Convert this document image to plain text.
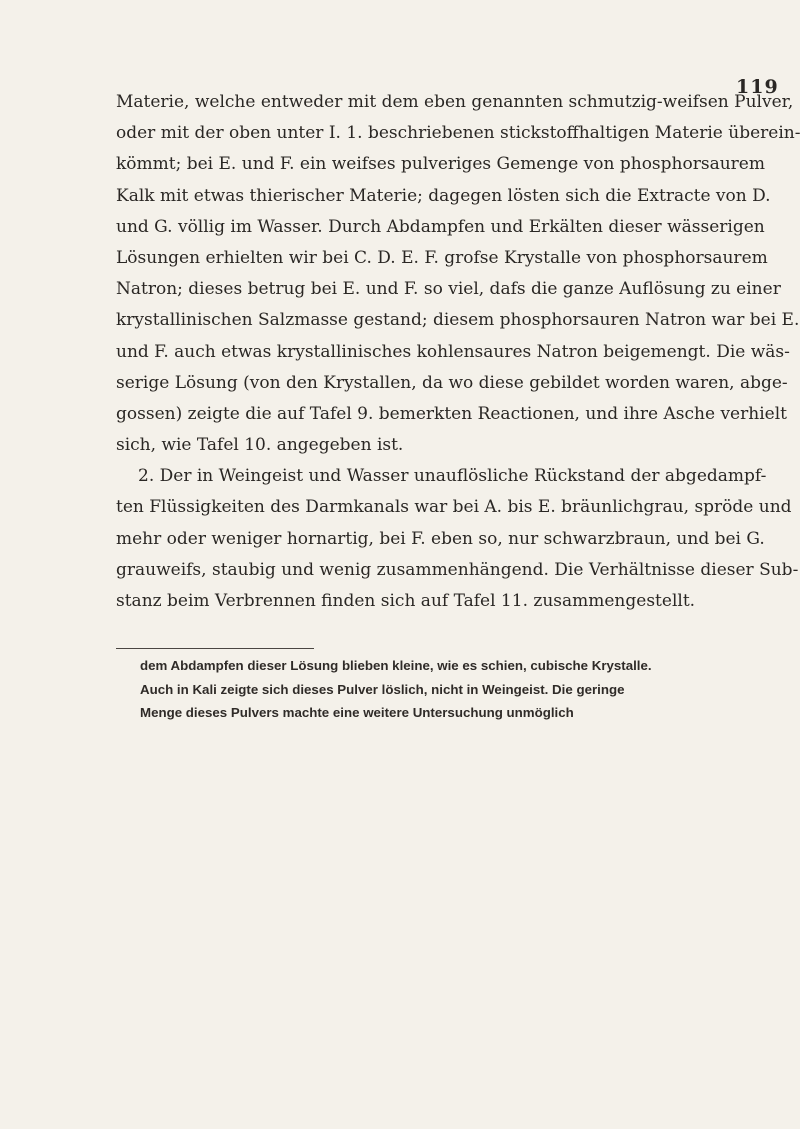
119
Materie, welche entweder mit dem eben genannten schmutzig-weifsen Pulver,
oder mit der oben unter I. 1. beschriebenen stickstoffhaltigen Materie überein-
kömmt; bei E. und F. ein weifses pulveriges Gemenge von phosphorsaurem
Kalk mit etwas thierischer Materie; dagegen lösten sich die Extracte von D.
und G. völlig im Wasser. Durch Abdampfen und Erkälten dieser wässerigen
Lösungen erhielten wir bei C. D. E. F. grofse Krystalle von phosphorsaurem
Natron; dieses betrug bei E. und F. so viel, dafs die ganze Auflösung zu einer
krystallinischen Salzmasse gestand; diesem phosphorsauren Natron war bei E.
und F. auch etwas krystallinisches kohlensaures Natron beigemengt. Die wäs-
serige Lösung (von den Krystallen, da wo diese gebildet worden waren, abge-
gossen) zeigte die auf Tafel 9. bemerkten Reactionen, und ihre Asche verhielt
sich, wie Tafel 10. angegeben ist.
2. Der in Weingeist und Wasser unauflösliche Rückstand der abgedampf-
ten Flüssigkeiten des Darmkanals war bei A. bis E. bräunlichgrau, spröde und
mehr oder weniger hornartig, bei F. eben so, nur schwarzbraun, und bei G.
grauweifs, staubig und wenig zusammenhängend. Die Verhältnisse dieser Sub-
stanz beim Verbrennen finden sich auf Tafel 11. zusammengestellt.
dem Abdampfen dieser Lösung blieben kleine, wie es schien, cubische Krystalle.
Auch in Kali zeigte sich dieses Pulver löslich, nicht in Weingeist. Die geringe
Menge dieses Pulvers machte eine weitere Untersuchung unmöglich
